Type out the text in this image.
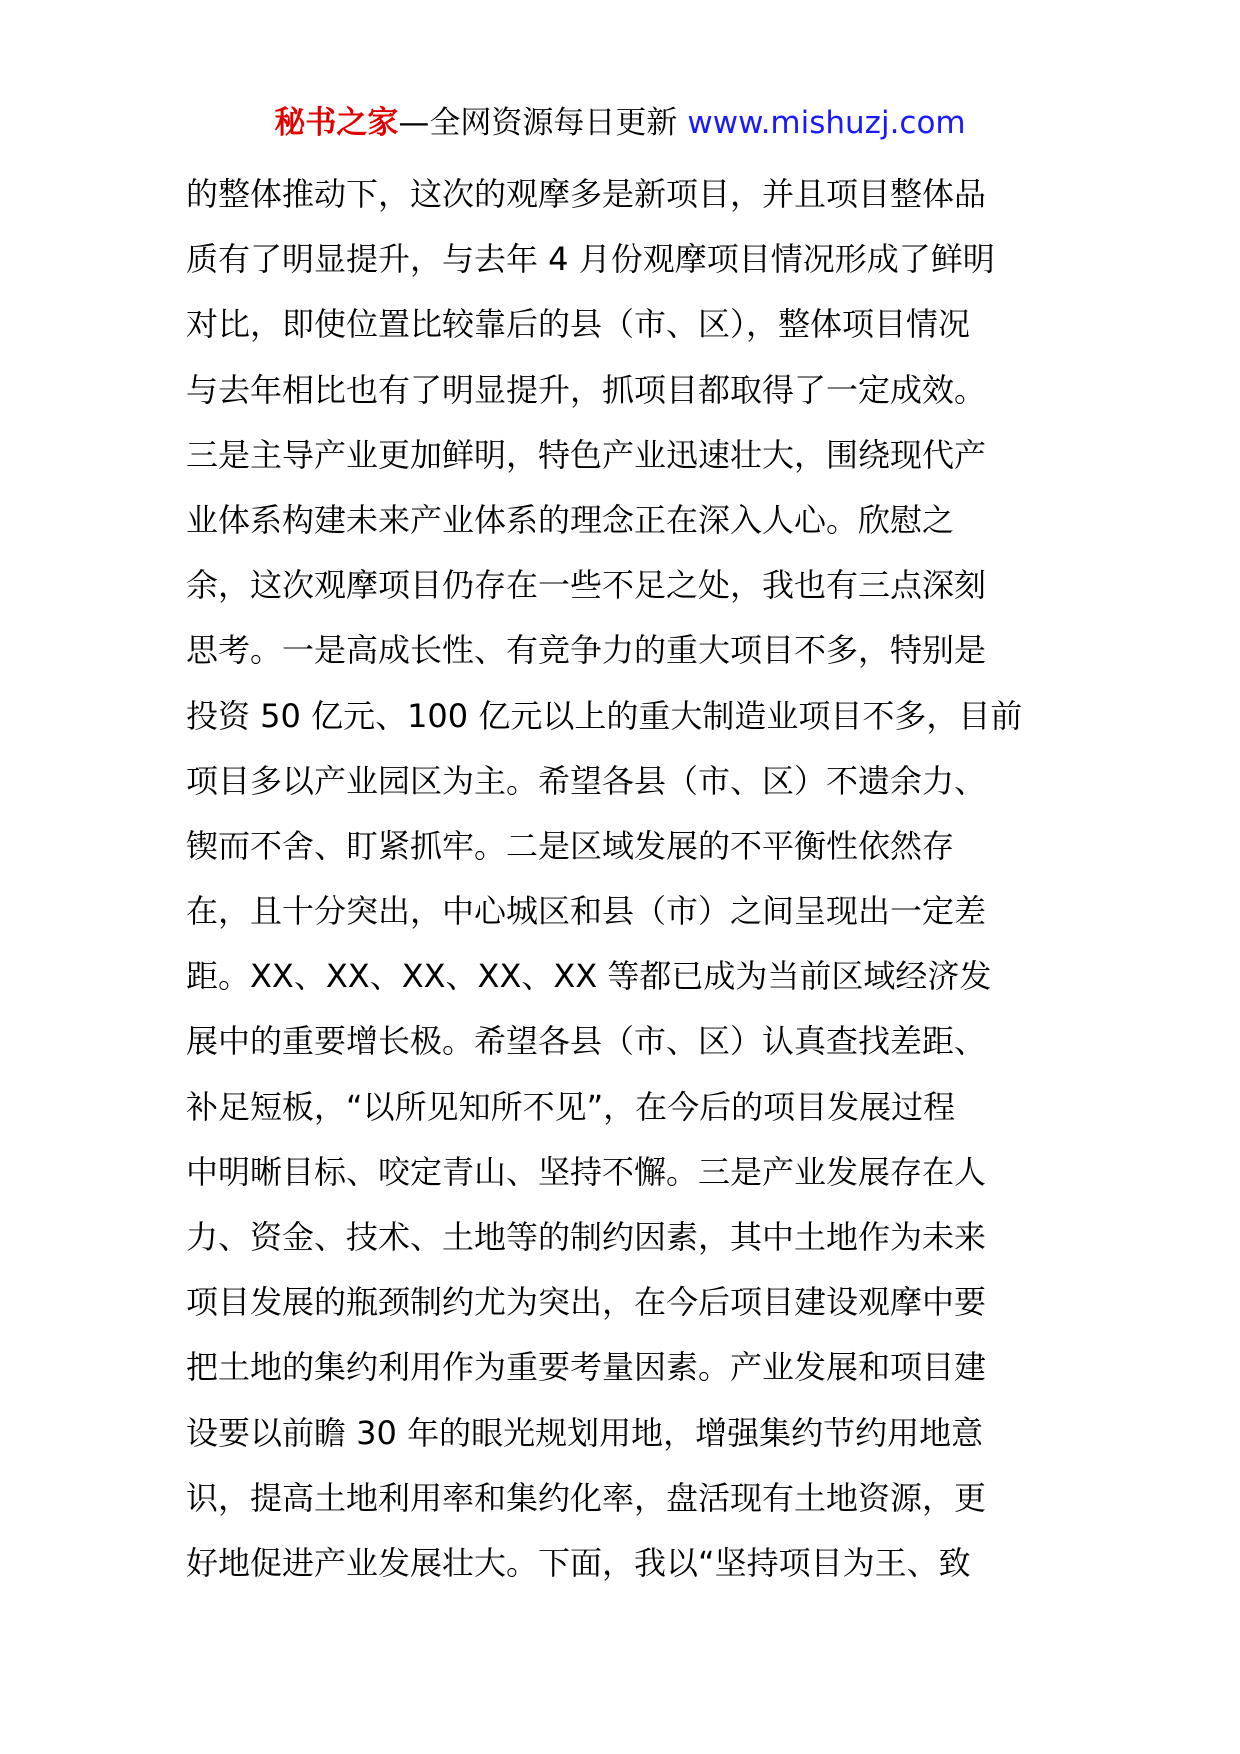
秘书之家—全网资源每日更新 www.mishuzj.com
的整体推动下，这次的观摩多是新项目，并且项目整体品
质有了明显提升，与去年 4 月份观摩项目情况形成了鲜明
对比，即使位置比较靠后的县（市、区），整体项目情况
与去年相比也有了明显提升，抓项目都取得了一定成效。
三是主导产业更加鲜明，特色产业迅速壮大，围绕现代产
业体系构建未来产业体系的理念正在深入人心。欣慰之
余，这次观摩项目仍存在一些不足之处，我也有三点深刻
思考。一是高成长性、有竞争力的重大项目不多，特别是
投资 50 亿元、100 亿元以上的重大制造业项目不多，目前
项目多以产业园区为主。希望各县（市、区）不遗余力、
锲而不舍、盯紧抓牢。二是区域发展的不平衡性依然存
在，且十分突出，中心城区和县（市）之间呈现出一定差
距。XX、XX、XX、XX、XX 等都已成为当前区域经济发
展中的重要增长极。希望各县（市、区）认真查找差距、
补足短板，“以所见知所不见”，在今后的项目发展过程
中明晰目标、咬定青山、坚持不懈。三是产业发展存在人
力、资金、技术、土地等的制约因素，其中土地作为未来
项目发展的瓶颈制约尤为突出，在今后项目建设观摩中要
把土地的集约利用作为重要考量因素。产业发展和项目建
设要以前瞻 30 年的眼光规划用地，增强集约节约用地意
识，提高土地利用率和集约化率，盘活现有土地资源，更
好地促进产业发展壮大。下面，我以“坚持项目为王、致
